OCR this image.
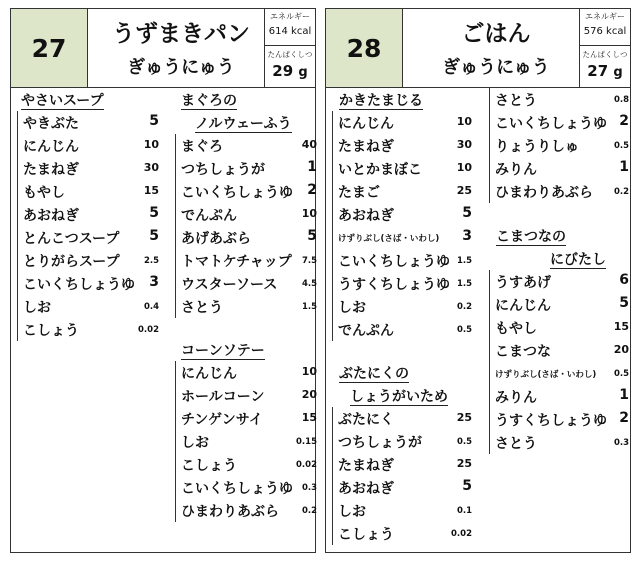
27	うずまきパン
ぎゅうにゅう
エネルギー
614 kcal
たんぱくしつ
29 g
やさいスープ
やきぶた	5
にんじん	10
たまねぎ	30
もやし	15
あおねぎ	5
とんこつスープ 5
とりがらスープ	2.5
こいくちしょうゆ 3
しお	0.4
こしょう	0.02
まぐろの
ノルウェーふう
まぐろ	40
つちしょうが	1
こいくちしょうゆ 2
でんぷん	10
あげあぶら	5
トマトケチャップ 7.5
ウスターソース	4.5
さとう	1.5
コーンソテー
にんじん	10
ホールコーン	20
チンゲンサイ	15
しお	0.15
こしょう	0.02
こいくちしょうゆ 0.3
ひまわりあぶら	0.2
28	ごはん
ぎゅうにゅう
エネルギー
576 kcal
たんぱくしつ
27 g
かきたまじる
にんじん	10
たまねぎ	30
いとかまぼこ	10
たまご	25
あおねぎ	5
けずりぶし(さば・いわし) 3
こいくちしょうゆ 1.5
うすくちしょうゆ 1.5
しお	0.2
でんぷん	0.5
ぶたにくの
しょうがいため
ぶたにく	25
つちしょうが	0.5
たまねぎ	25
あおねぎ	5
しお	0.1
こしょう	0.02
さとう	0.8
こいくちしょうゆ 2
りょうりしゅ	0.5
みりん	1
ひまわりあぶら 0.2
こまつなの
にびたし
うすあげ	6
にんじん	5
もやし	15
こまつな	20
けずりぶし(さば・いわし) 0.5
みりん	1
うすくちしょうゆ 2
さとう	0.3
